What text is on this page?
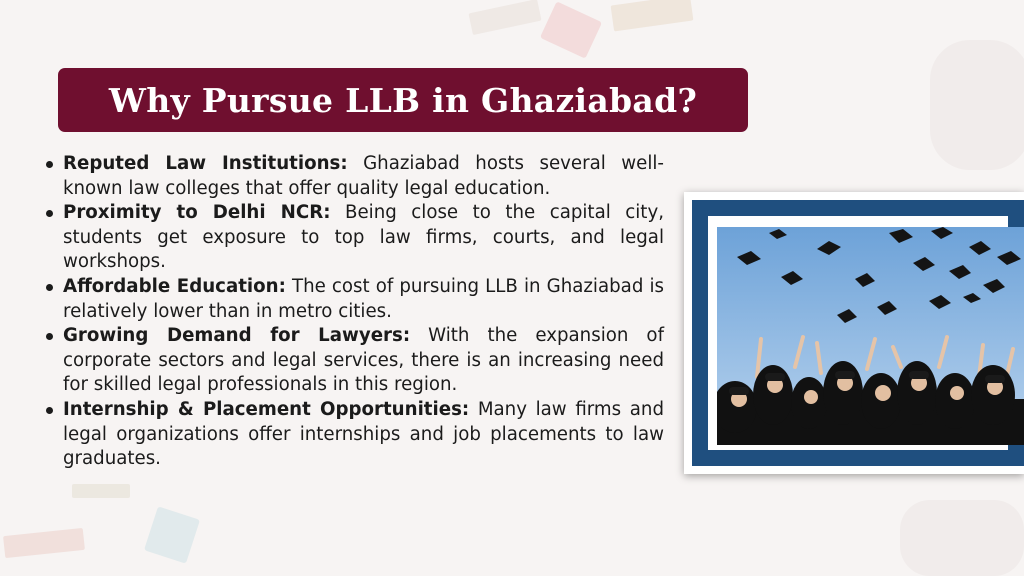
Why Pursue LLB in Ghaziabad?
Reputed Law Institutions: Ghaziabad hosts several well-known law colleges that offer quality legal education.
Proximity to Delhi NCR: Being close to the capital city, students get exposure to top law firms, courts, and legal workshops.
Affordable Education: The cost of pursuing LLB in Ghaziabad is relatively lower than in metro cities.
Growing Demand for Lawyers: With the expansion of corporate sectors and legal services, there is an increasing need for skilled legal professionals in this region.
Internship & Placement Opportunities: Many law firms and legal organizations offer internships and job placements to law graduates.
